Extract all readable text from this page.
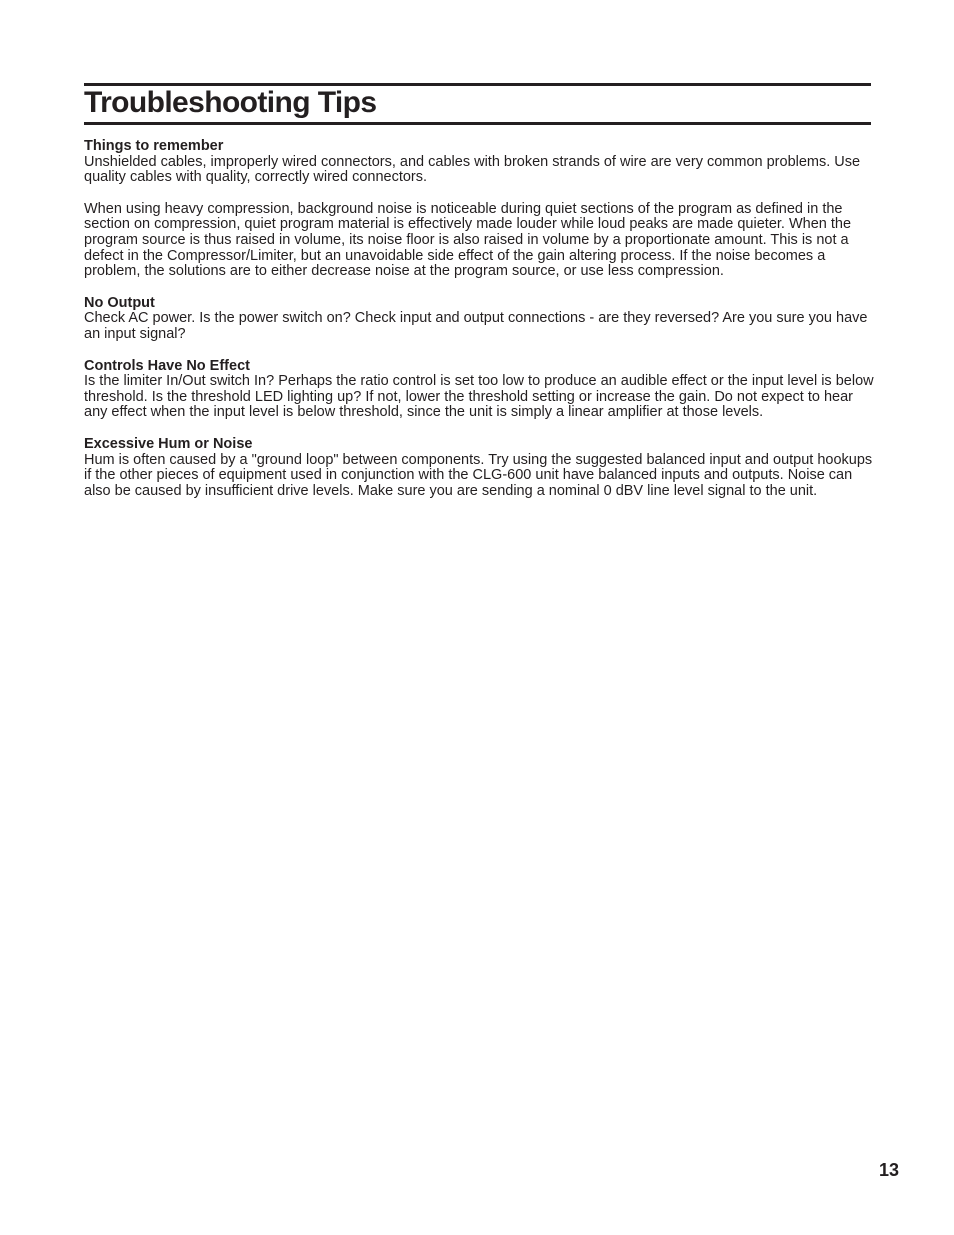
Troubleshooting Tips

Things to remember

Unshielded cables, improperly wired connectors, and cables with broken strands of wire are very common problems. Use quality cables with quality, correctly wired connectors.

When using heavy compression, background noise is noticeable during quiet sections of the program as defined in the section on compression, quiet program material is effectively made louder while loud peaks are made quieter. When the program source is thus raised in volume, its noise floor is also raised in volume by a proportionate amount. This is not a defect in the Compressor/Limiter, but an unavoidable side effect of the gain altering process. If the noise becomes a problem, the solutions are to either decrease noise at the program source, or use less compression.

No Output

Check AC power. Is the power switch on? Check input and output connections - are they reversed? Are you sure you have an input signal?

Controls Have No Effect

Is the limiter In/Out switch In? Perhaps the ratio control is set too low to produce an audible effect or the input level is below threshold. Is the threshold LED lighting up? If not, lower the threshold setting or increase the gain. Do not expect to hear any effect when the input level is below threshold, since the unit is simply a linear amplifier at those levels.

Excessive Hum or Noise

Hum is often caused by a "ground loop" between components. Try using the suggested balanced input and output hookups if the other pieces of equipment used in conjunction with the CLG-600 unit have balanced inputs and outputs. Noise can also be caused by insufficient drive levels. Make sure you are sending a nominal 0 dBV line level signal to the unit.

13
